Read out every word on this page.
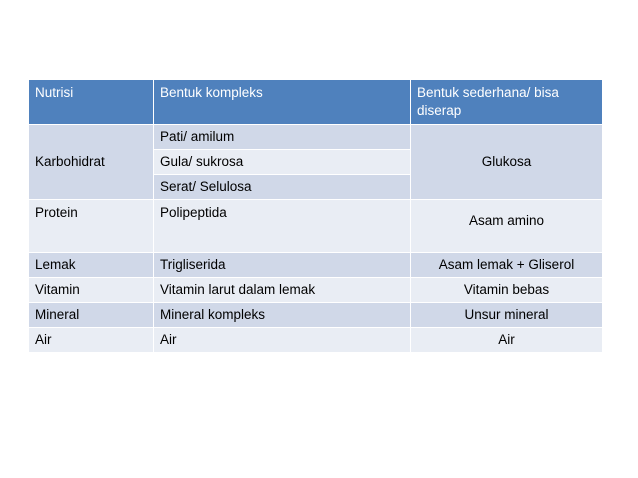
Nutrisi	Bentuk kompleks	Bentuk sederhana/ bisa diserap
Karbohidrat	Pati/ amilum	Glukosa
	Gula/ sukrosa	
	Serat/ Selulosa	
Protein	Polipeptida	Asam amino
Lemak	Trigliserida	Asam lemak + Gliserol
Vitamin	Vitamin larut dalam lemak	Vitamin bebas
Mineral	Mineral kompleks	Unsur mineral
Air	Air	Air
